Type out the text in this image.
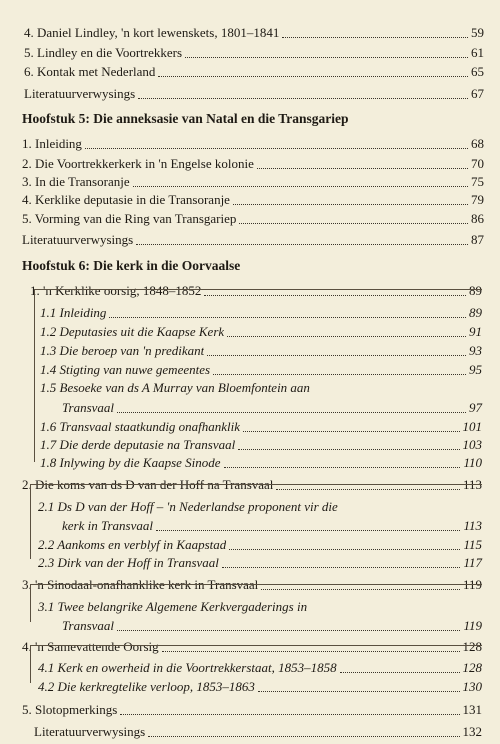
4. Daniel Lindley, 'n kort lewenskets, 1801–1841	59
5. Lindley en die Voortrekkers	61
6. Kontak met Nederland	65
Literatuurverwysings	67
Hoofstuk 5: Die anneksasie van Natal en die Transgariep
1. Inleiding	68
2. Die Voortrekkerkerk in 'n Engelse kolonie	70
3. In die Transoranje	75
4. Kerklike deputasie in die Transoranje	79
5. Vorming van die Ring van Transgariep	86
Literatuurverwysings	87
Hoofstuk 6: Die kerk in die Oorvaalse
1. 'n Kerklike oorsig, 1848–1852	89
1.1 Inleiding	89
1.2 Deputasies uit die Kaapse Kerk	91
1.3 Die beroep van 'n predikant	93
1.4 Stigting van nuwe gemeentes	95
1.5 Besoeke van ds A Murray van Bloemfontein aan
Transvaal	97
1.6 Transvaal staatkundig onafhanklik	101
1.7 Die derde deputasie na Transvaal	103
1.8 Inlywing by die Kaapse Sinode	110
2. Die koms van ds D van der Hoff na Transvaal	113
2.1 Ds D van der Hoff – 'n Nederlandse proponent vir die
kerk in Transvaal	113
2.2 Aankoms en verblyf in Kaapstad	115
2.3 Dirk van der Hoff in Transvaal	117
3. 'n Sinodaal-onafhanklike kerk in Transvaal	119
3.1 Twee belangrike Algemene Kerkvergaderings in
Transvaal	119
4. 'n Samevattende Oorsig	128
4.1 Kerk en owerheid in die Voortrekkerstaat, 1853–1858	128
4.2 Die kerkregtelike verloop, 1853–1863	130
5. Slotopmerkings	131
Literatuurverwysings	132
